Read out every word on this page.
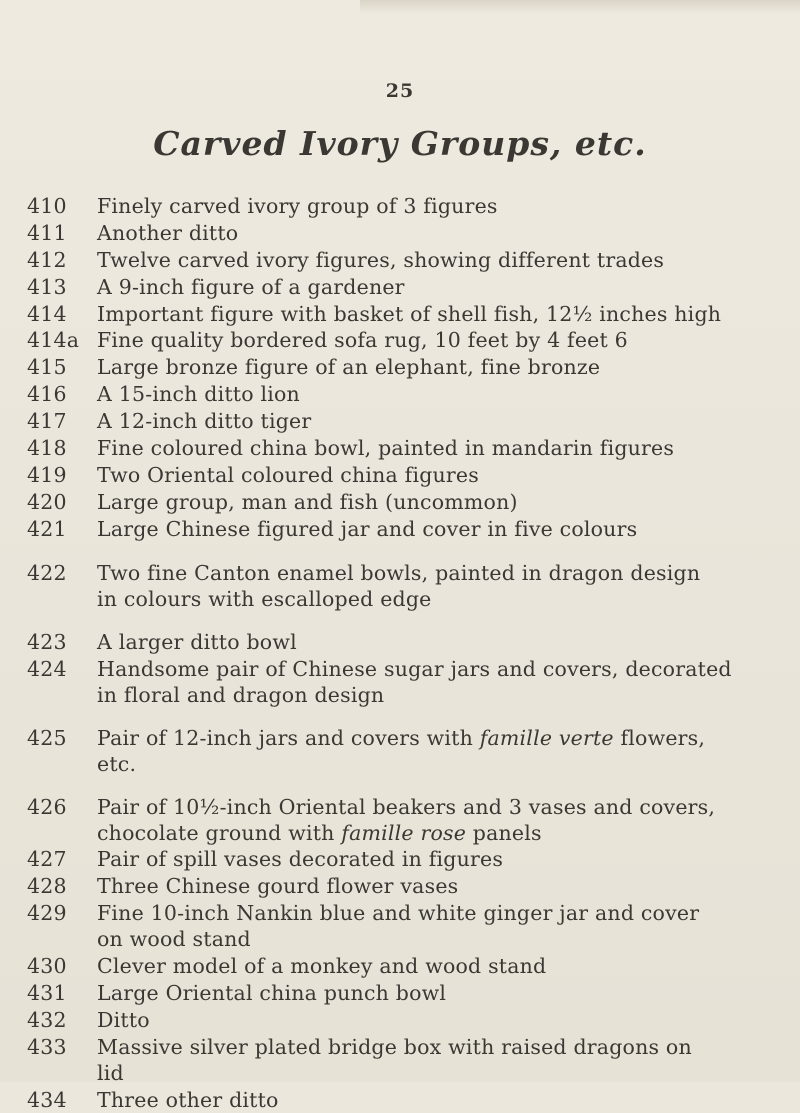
25
Carved Ivory Groups, etc.
410	Finely carved ivory group of 3 figures
411	Another ditto
412	Twelve carved ivory figures, showing different trades
413	A 9-inch figure of a gardener
414	Important figure with basket of shell fish, 12½ inches high
414a Fine quality bordered sofa rug, 10 feet by 4 feet 6
415	Large bronze figure of an elephant, fine bronze
416	A 15-inch ditto lion
417	A 12-inch ditto tiger
418	Fine coloured china bowl, painted in mandarin figures
419	Two Oriental coloured china figures
420	Large group, man and fish (uncommon)
421	Large Chinese figured jar and cover in five colours
422	Two fine Canton enamel bowls, painted in dragon design
in colours with escalloped edge
423	A larger ditto bowl
424	Handsome pair of Chinese sugar jars and covers, decorated
in floral and dragon design
425	Pair of 12-inch jars and covers with famille verte flowers,
etc.
426	Pair of 10½-inch Oriental beakers and 3 vases and covers,
chocolate ground with famille rose panels
427	Pair of spill vases decorated in figures
428	Three Chinese gourd flower vases
429	Fine 10-inch Nankin blue and white ginger jar and cover
on wood stand
430	Clever model of a monkey and wood stand
431	Large Oriental china punch bowl
432	Ditto
433	Massive silver plated bridge box with raised dragons on
lid
434	Three other ditto
